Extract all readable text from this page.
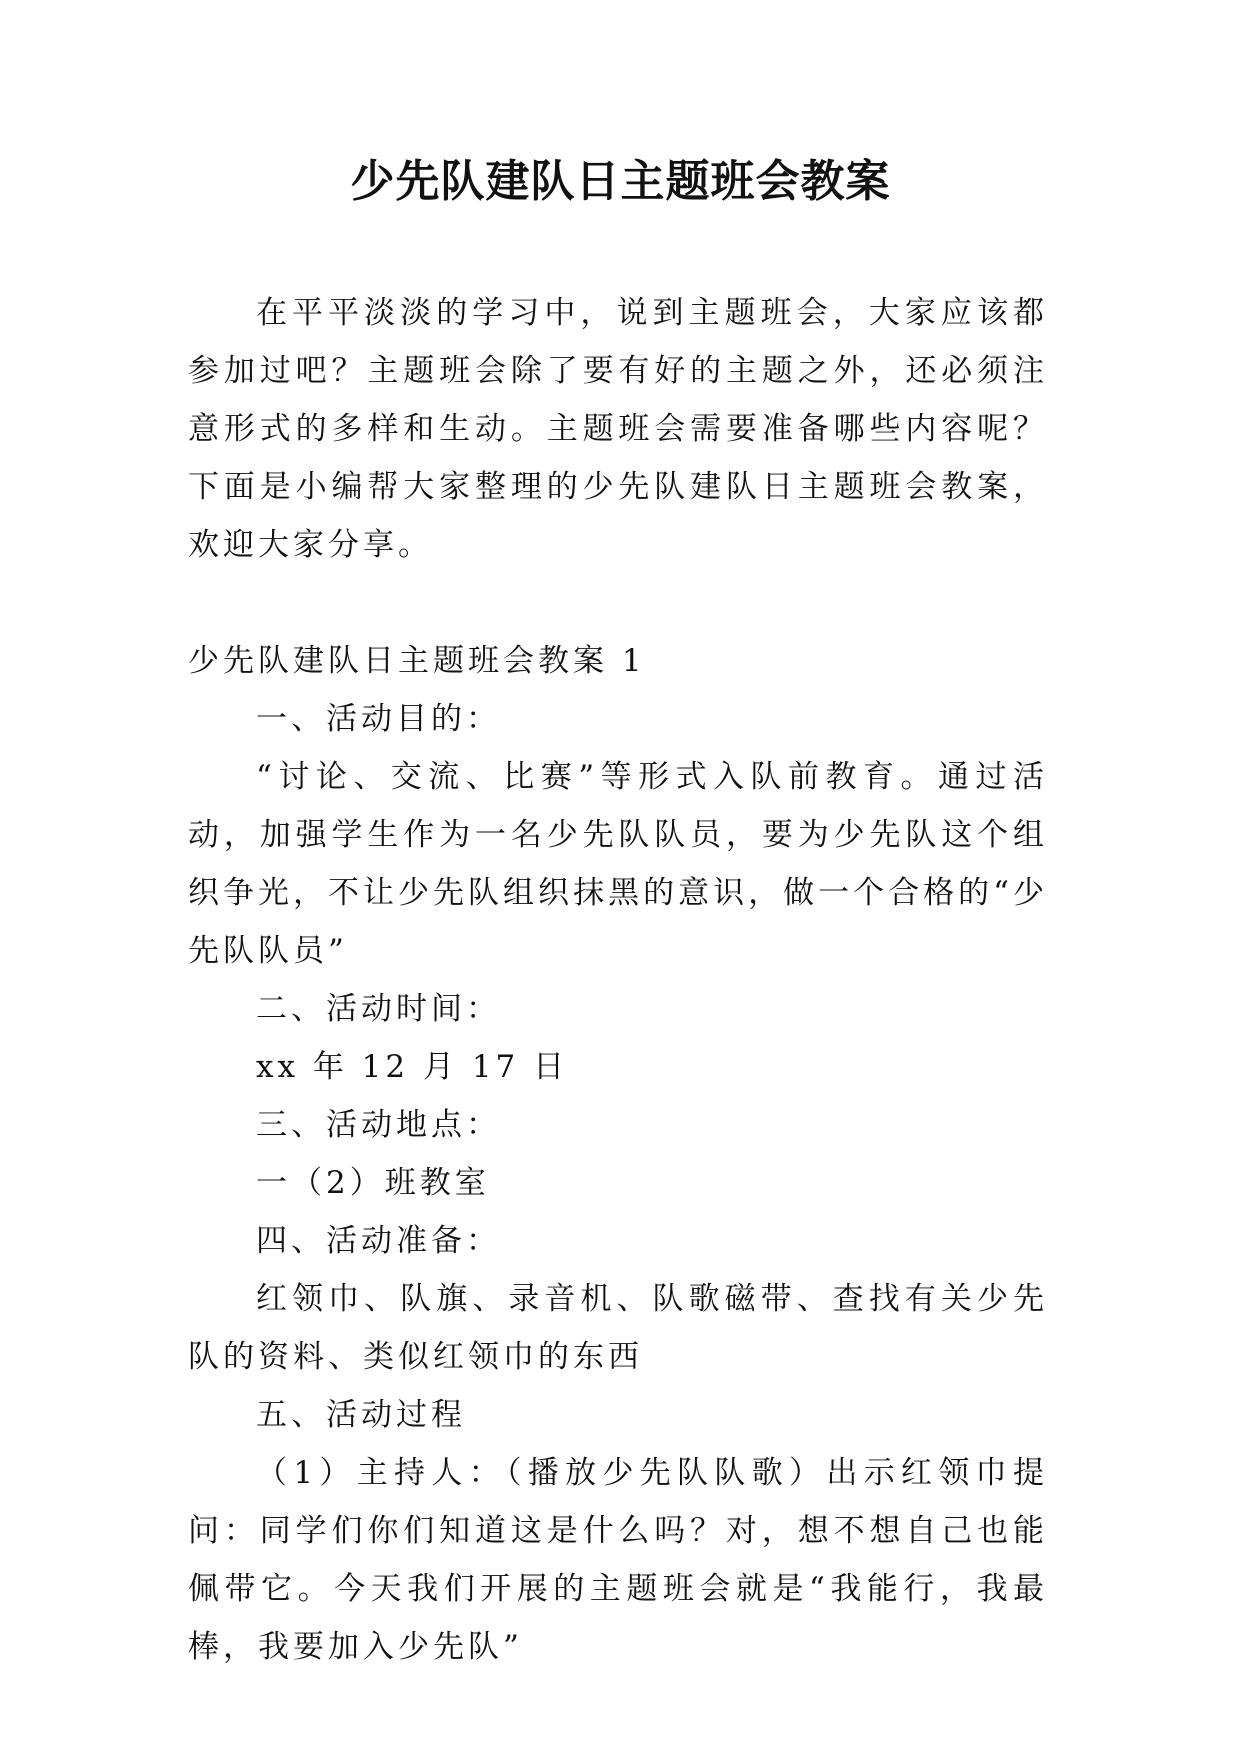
少先队建队日主题班会教案

在平平淡淡的学习中，说到主题班会，大家应该都参加过吧？主题班会除了要有好的主题之外，还必须注意形式的多样和生动。主题班会需要准备哪些内容呢？下面是小编帮大家整理的少先队建队日主题班会教案，欢迎大家分享。

少先队建队日主题班会教案 1

一、活动目的：

“讨论、交流、比赛”等形式入队前教育。通过活动，加强学生作为一名少先队队员，要为少先队这个组织争光，不让少先队组织抹黑的意识，做一个合格的“少先队队员”

二、活动时间：

xx 年 12 月 17 日

三、活动地点：

一（2）班教室

四、活动准备：

红领巾、队旗、录音机、队歌磁带、查找有关少先队的资料、类似红领巾的东西

五、活动过程

（1）主持人：（播放少先队队歌）出示红领巾提问：同学们你们知道这是什么吗？对，想不想自己也能佩带它。今天我们开展的主题班会就是“我能行，我最棒，我要加入少先队”
